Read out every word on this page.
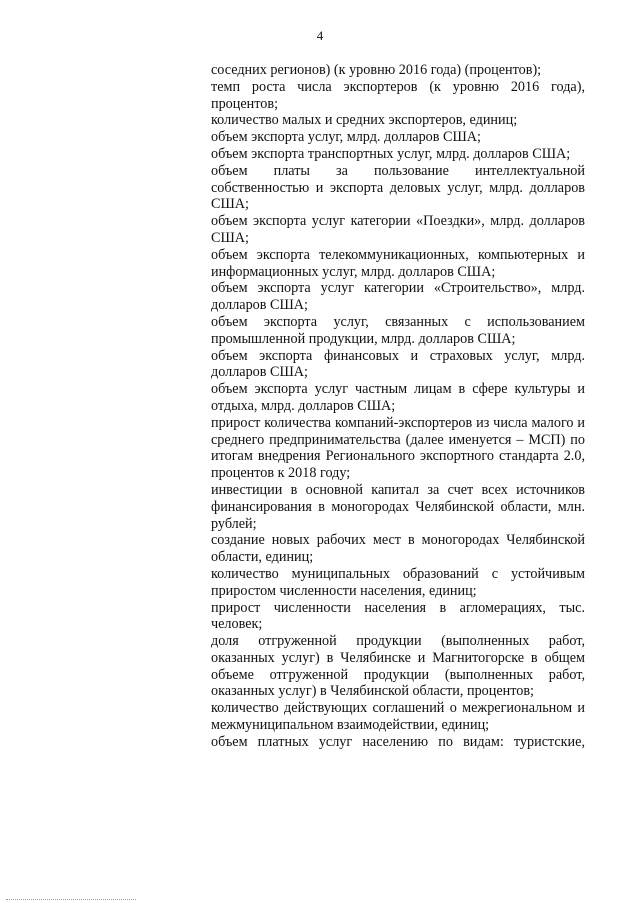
4

соседних регионов) (к уровню 2016 года) (процентов);

темп роста числа экспортеров (к уровню 2016 года), процентов;

количество малых и средних экспортеров, единиц;

объем экспорта услуг, млрд. долларов США;

объем экспорта транспортных услуг, млрд. долларов США;

объем платы за пользование интеллектуальной собственностью и экспорта деловых услуг, млрд. долларов США;

объем экспорта услуг категории «Поездки», млрд. долларов США;

объем экспорта телекоммуникационных, компьютерных и информационных услуг, млрд. долларов США;

объем экспорта услуг категории «Строительство», млрд. долларов США;

объем экспорта услуг, связанных с использованием промышленной продукции, млрд. долларов США;

объем экспорта финансовых и страховых услуг, млрд. долларов США;

объем экспорта услуг частным лицам в сфере культуры и отдыха, млрд. долларов США;

прирост количества компаний-экспортеров из числа малого и среднего предпринимательства (далее именуется – МСП) по итогам внедрения Регионального экспортного стандарта 2.0, процентов к 2018 году;

инвестиции в основной капитал за счет всех источников финансирования в моногородах Челябинской области, млн. рублей;

создание новых рабочих мест в моногородах Челябинской области, единиц;

количество муниципальных образований с устойчивым приростом численности населения, единиц;

прирост численности населения в агломерациях, тыс. человек;

доля отгруженной продукции (выполненных работ, оказанных услуг) в Челябинске и Магнитогорске в общем объеме отгруженной продукции (выполненных работ, оказанных услуг) в Челябинской области, процентов;

количество действующих соглашений о межрегиональном и межмуниципальном взаимодействии, единиц;

объем платных услуг населению по видам: туристские,
